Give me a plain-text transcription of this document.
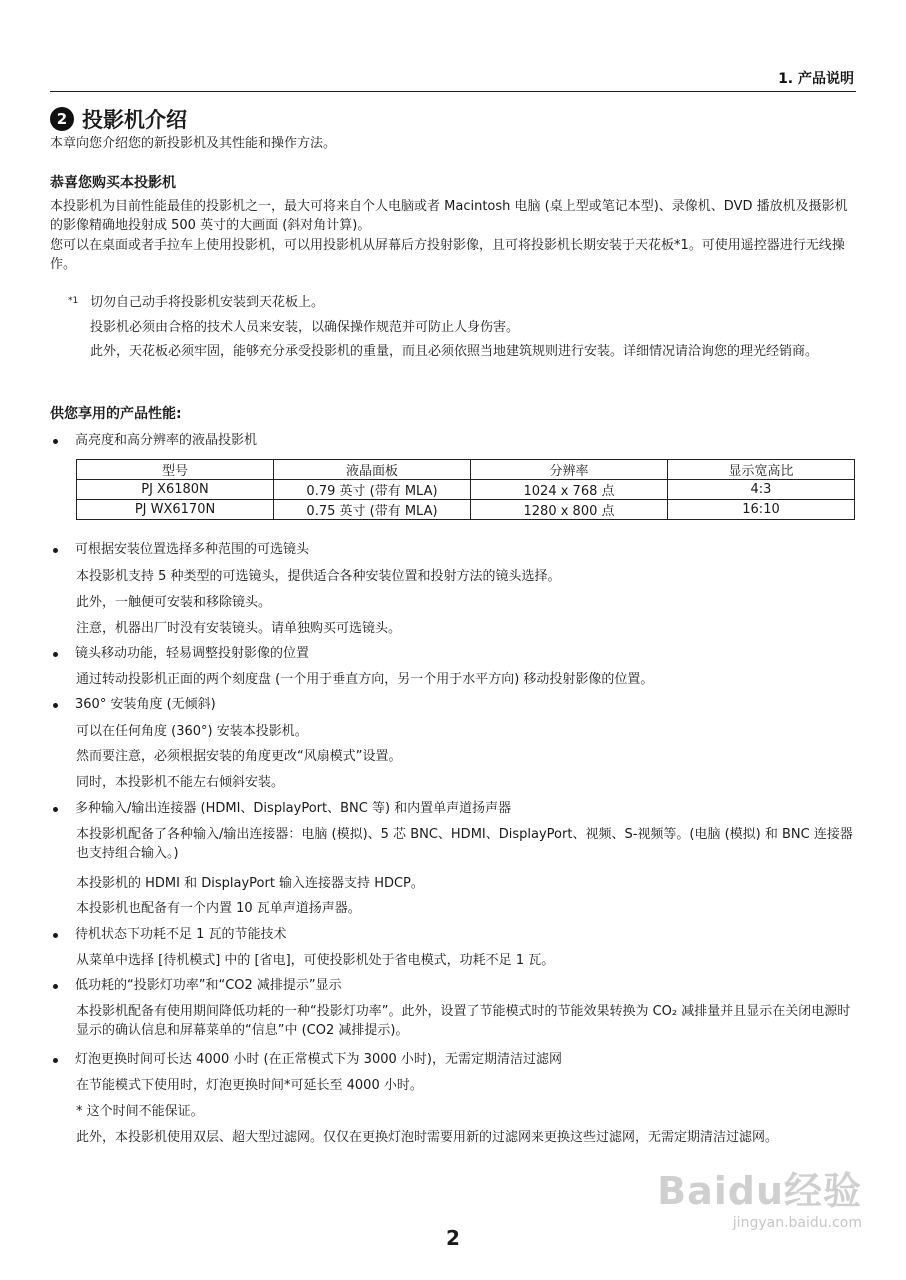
1. 产品说明
2 投影机介绍
本章向您介绍您的新投影机及其性能和操作方法。
恭喜您购买本投影机
本投影机为目前性能最佳的投影机之一，最大可将来自个人电脑或者 Macintosh 电脑 (桌上型或笔记本型)、录像机、DVD 播放机及摄影机的影像精确地投射成 500 英寸的大画面 (斜对角计算)。
您可以在桌面或者手拉车上使用投影机，可以用投影机从屏幕后方投射影像，且可将投影机长期安装于天花板*1。可使用遥控器进行无线操作。
*1 切勿自己动手将投影机安装到天花板上。
投影机必须由合格的技术人员来安装，以确保操作规范并可防止人身伤害。
此外，天花板必须牢固，能够充分承受投影机的重量，而且必须依照当地建筑规则进行安装。详细情况请洽询您的理光经销商。
供您享用的产品性能:
高亮度和高分辨率的液晶投影机
型号	液晶面板	分辨率	显示宽高比
PJ X6180N	0.79 英寸 (带有 MLA)	1024 x 768 点	4:3
PJ WX6170N	0.75 英寸 (带有 MLA)	1280 x 800 点	16:10
可根据安装位置选择多种范围的可选镜头
本投影机支持 5 种类型的可选镜头，提供适合各种安装位置和投射方法的镜头选择。
此外，一触便可安装和移除镜头。
注意，机器出厂时没有安装镜头。请单独购买可选镜头。
镜头移动功能，轻易调整投射影像的位置
通过转动投影机正面的两个刻度盘 (一个用于垂直方向，另一个用于水平方向) 移动投射影像的位置。
360° 安装角度 (无倾斜)
可以在任何角度 (360°) 安装本投影机。
然而要注意，必须根据安装的角度更改“风扇模式”设置。
同时，本投影机不能左右倾斜安装。
多种输入/输出连接器 (HDMI、DisplayPort、BNC 等) 和内置单声道扬声器
本投影机配备了各种输入/输出连接器：电脑 (模拟)、5 芯 BNC、HDMI、DisplayPort、视频、S-视频等。(电脑 (模拟) 和 BNC 连接器也支持组合输入。)
本投影机的 HDMI 和 DisplayPort 输入连接器支持 HDCP。
本投影机也配备有一个内置 10 瓦单声道扬声器。
待机状态下功耗不足 1 瓦的节能技术
从菜单中选择 [待机模式] 中的 [省电]，可使投影机处于省电模式，功耗不足 1 瓦。
低功耗的“投影灯功率”和“CO2 减排提示”显示
本投影机配备有使用期间降低功耗的一种“投影灯功率”。此外，设置了节能模式时的节能效果转换为 CO₂ 减排量并且显示在关闭电源时显示的确认信息和屏幕菜单的“信息”中 (CO2 减排提示)。
灯泡更换时间可长达 4000 小时 (在正常模式下为 3000 小时)，无需定期清洁过滤网
在节能模式下使用时，灯泡更换时间*可延长至 4000 小时。
* 这个时间不能保证。
此外，本投影机使用双层、超大型过滤网。仅仅在更换灯泡时需要用新的过滤网来更换这些过滤网，无需定期清洁过滤网。
Baidu经验
jingyan.baidu.com
2
